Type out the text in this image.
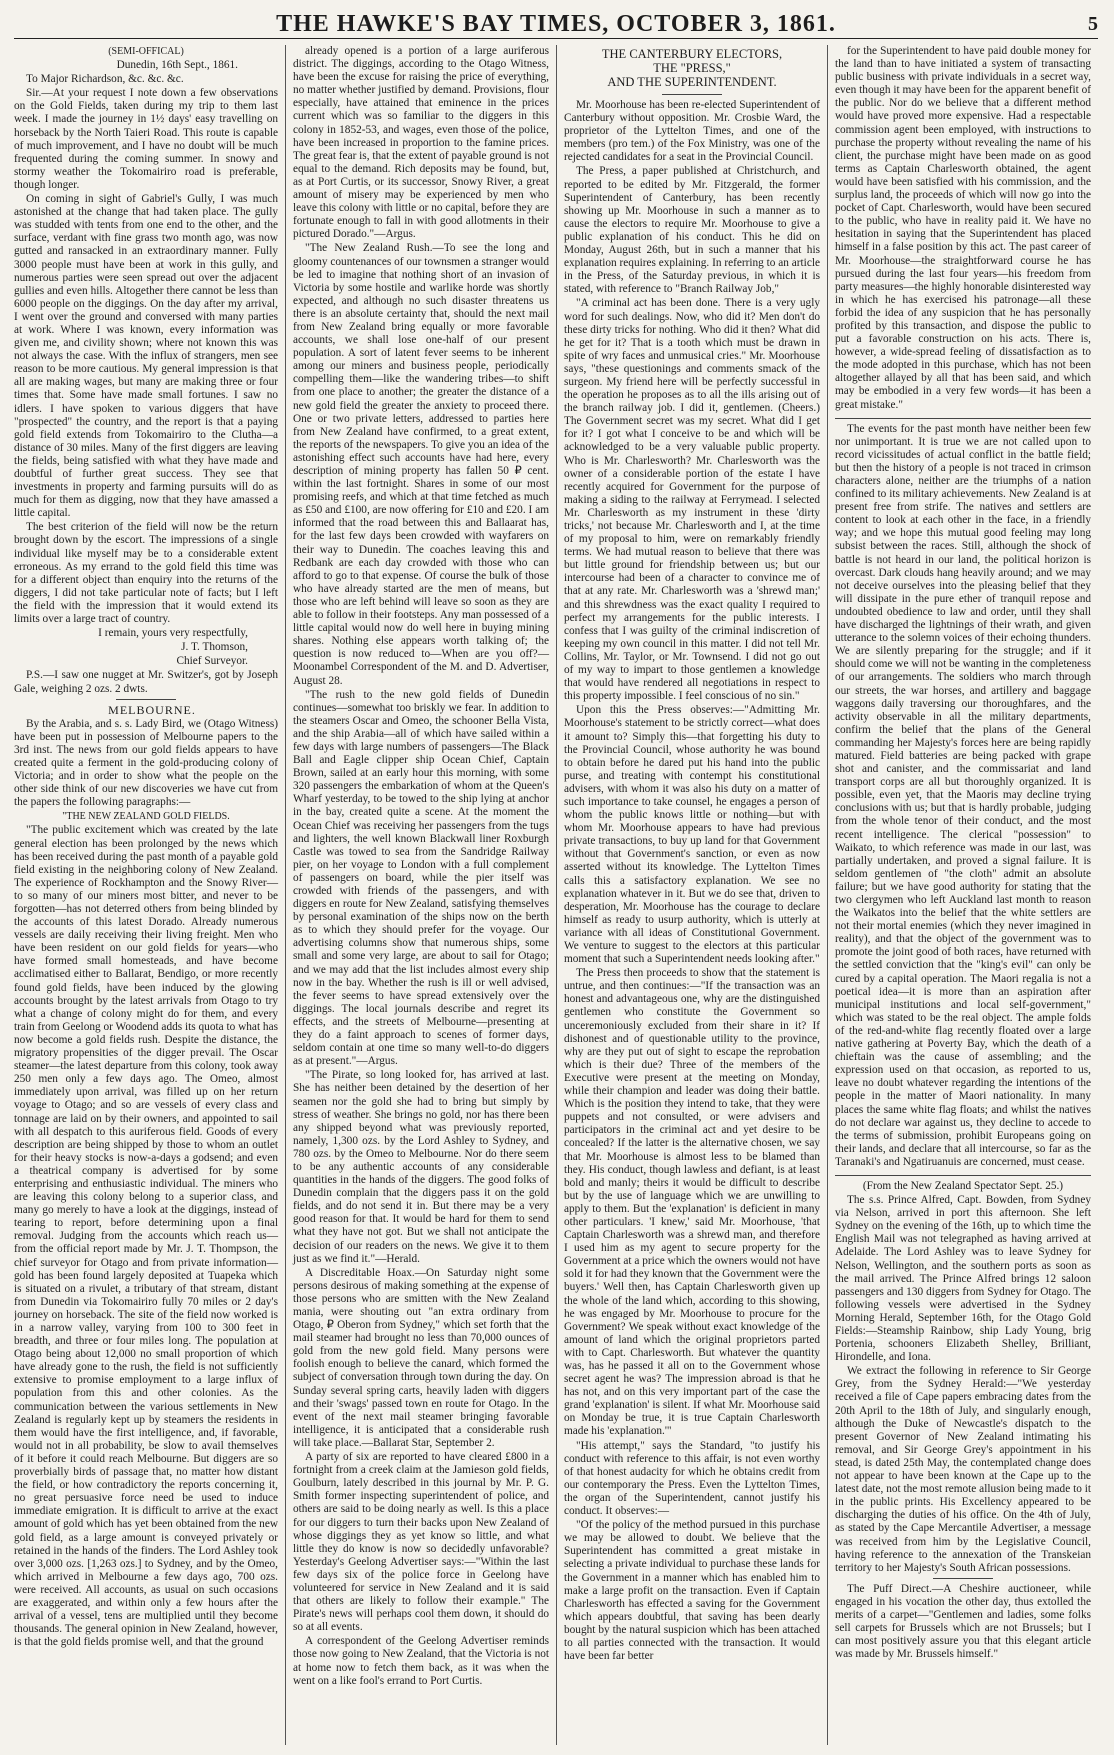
THE HAWKE'S BAY TIMES, OCTOBER 3, 1861.	5

(SEMI-OFFICAL)

Dunedin, 16th Sept., 1861.

To Major Richardson, &c. &c. &c.

Sir.—At your request I note down a few observations on the Gold Fields, taken during my trip to them last week. I made the journey in 1½ days' easy travelling on horseback by the North Taieri Road. This route is capable of much improvement, and I have no doubt will be much frequented during the coming summer. In snowy and stormy weather the Tokomairiro road is preferable, though longer.

On coming in sight of Gabriel's Gully, I was much astonished at the change that had taken place. The gully was studded with tents from one end to the other, and the surface, verdant with fine grass two month ago, was now gutted and ransacked in an extraordinary manner. Fully 3000 people must have been at work in this gully, and numerous parties were seen spread out over the adjacent gullies and even hills. Altogether there cannot be less than 6000 people on the diggings. On the day after my arrival, I went over the ground and conversed with many parties at work. Where I was known, every information was given me, and civility shown; where not known this was not always the case. With the influx of strangers, men see reason to be more cautious. My general impression is that all are making wages, but many are making three or four times that. Some have made small fortunes. I saw no idlers. I have spoken to various diggers that have "prospected" the country, and the report is that a paying gold field extends from Tokomairiro to the Clutha—a distance of 30 miles. Many of the first diggers are leaving the fields, being satisfied with what they have made and doubtful of further great success. They see that investments in property and farming pursuits will do as much for them as digging, now that they have amassed a little capital.

The best criterion of the field will now be the return brought down by the escort. The impressions of a single individual like myself may be to a considerable extent erroneous. As my errand to the gold field this time was for a different object than enquiry into the returns of the diggers, I did not take particular note of facts; but I left the field with the impression that it would extend its limits over a large tract of country.

I remain, yours very respectfully,

J. T. Thomson,

Chief Surveyor.

P.S.—I saw one nugget at Mr. Switzer's, got by Joseph Gale, weighing 2 ozs. 2 dwts.

MELBOURNE.

By the Arabia, and s. s. Lady Bird, we (Otago Witness) have been put in possession of Melbourne papers to the 3rd inst. The news from our gold fields appears to have created quite a ferment in the gold-producing colony of Victoria; and in order to show what the people on the other side think of our new discoveries we have cut from the papers the following paragraphs:—

"THE NEW ZEALAND GOLD FIELDS.

"The public excitement which was created by the late general election has been prolonged by the news which has been received during the past month of a payable gold field existing in the neighboring colony of New Zealand. The experience of Rockhampton and the Snowy River—to so many of our miners most bitter, and never to be forgotten—has not deterred others from being blinded by the accounts of this latest Dorado. Already numerous vessels are daily receiving their living freight. Men who have been resident on our gold fields for years—who have formed small homesteads, and have become acclimatised either to Ballarat, Bendigo, or more recently found gold fields, have been induced by the glowing accounts brought by the latest arrivals from Otago to try what a change of colony might do for them, and every train from Geelong or Woodend adds its quota to what has now become a gold fields rush. Despite the distance, the migratory propensities of the digger prevail. The Oscar steamer—the latest departure from this colony, took away 250 men only a few days ago. The Omeo, almost immediately upon arrival, was filled up on her return voyage to Otago; and so are vessels of every class and tonnage are laid on by their owners, and appointed to sail with all despatch to this auriferous field. Goods of every description are being shipped by those to whom an outlet for their heavy stocks is now-a-days a godsend; and even a theatrical company is advertised for by some enterprising and enthusiastic individual. The miners who are leaving this colony belong to a superior class, and many go merely to have a look at the diggings, instead of tearing to report, before determining upon a final removal. Judging from the accounts which reach us—from the official report made by Mr. J. T. Thompson, the chief surveyor for Otago and from private information—gold has been found largely deposited at Tuapeka which is situated on a rivulet, a tributary of that stream, distant from Dunedin via Tokomairiro fully 70 miles or 2 day's journey on horseback. The site of the field now worked is in a narrow valley, varying from 100 to 300 feet in breadth, and three or four miles long. The population at Otago being about 12,000 no small proportion of which have already gone to the rush, the field is not sufficiently extensive to promise employment to a large influx of population from this and other colonies. As the communication between the various settlements in New Zealand is regularly kept up by steamers the residents in them would have the first intelligence, and, if favorable, would not in all probability, be slow to avail themselves of it before it could reach Melbourne. But diggers are so proverbially birds of passage that, no matter how distant the field, or how contradictory the reports concerning it, no great persuasive force need be used to induce immediate emigration. It is difficult to arrive at the exact amount of gold which has yet been obtained from the new gold field, as a large amount is conveyed privately or retained in the hands of the finders. The Lord Ashley took over 3,000 ozs. [1,263 ozs.] to Sydney, and by the Omeo, which arrived in Melbourne a few days ago, 700 ozs. were received. All accounts, as usual on such occasions are exaggerated, and within only a few hours after the arrival of a vessel, tens are multiplied until they become thousands. The general opinion in New Zealand, however, is that the gold fields promise well, and that the ground

already opened is a portion of a large auriferous district. The diggings, according to the Otago Witness, have been the excuse for raising the price of everything, no matter whether justified by demand. Provisions, flour especially, have attained that eminence in the prices current which was so familiar to the diggers in this colony in 1852-53, and wages, even those of the police, have been increased in proportion to the famine prices. The great fear is, that the extent of payable ground is not equal to the demand. Rich deposits may be found, but, as at Port Curtis, or its successor, Snowy River, a great amount of misery may be experienced by men who leave this colony with little or no capital, before they are fortunate enough to fall in with good allotments in their pictured Dorado."—Argus.

"The New Zealand Rush.—To see the long and gloomy countenances of our townsmen a stranger would be led to imagine that nothing short of an invasion of Victoria by some hostile and warlike horde was shortly expected, and although no such disaster threatens us there is an absolute certainty that, should the next mail from New Zealand bring equally or more favorable accounts, we shall lose one-half of our present population. A sort of latent fever seems to be inherent among our miners and business people, periodically compelling them—like the wandering tribes—to shift from one place to another; the greater the distance of a new gold field the greater the anxiety to proceed there. One or two private letters, addressed to parties here from New Zealand have confirmed, to a great extent, the reports of the newspapers. To give you an idea of the astonishing effect such accounts have had here, every description of mining property has fallen 50 ₽ cent. within the last fortnight. Shares in some of our most promising reefs, and which at that time fetched as much as £50 and £100, are now offering for £10 and £20. I am informed that the road between this and Ballaarat has, for the last few days been crowded with wayfarers on their way to Dunedin. The coaches leaving this and Redbank are each day crowded with those who can afford to go to that expense. Of course the bulk of those who have already started are the men of means, but those who are left behind will leave so soon as they are able to follow in their footsteps. Any man possessed of a little capital would now do well here in buying mining shares. Nothing else appears worth talking of; the question is now reduced to—When are you off?—Moonambel Correspondent of the M. and D. Advertiser, August 28.

"The rush to the new gold fields of Dunedin continues—somewhat too briskly we fear. In addition to the steamers Oscar and Omeo, the schooner Bella Vista, and the ship Arabia—all of which have sailed within a few days with large numbers of passengers—The Black Ball and Eagle clipper ship Ocean Chief, Captain Brown, sailed at an early hour this morning, with some 320 passengers the embarkation of whom at the Queen's Wharf yesterday, to be towed to the ship lying at anchor in the bay, created quite a scene. At the moment the Ocean Chief was receiving her passengers from the tugs and lighters, the well known Blackwall liner Roxburgh Castle was towed to sea from the Sandridge Railway pier, on her voyage to London with a full complement of passengers on board, while the pier itself was crowded with friends of the passengers, and with diggers en route for New Zealand, satisfying themselves by personal examination of the ships now on the berth as to which they should prefer for the voyage. Our advertising columns show that numerous ships, some small and some very large, are about to sail for Otago; and we may add that the list includes almost every ship now in the bay. Whether the rush is ill or well advised, the fever seems to have spread extensively over the diggings. The local journals describe and regret its effects, and the streets of Melbourne—presenting at they do a faint approach to scenes of former days, seldom contain at one time so many well-to-do diggers as at present."—Argus.

"The Pirate, so long looked for, has arrived at last. She has neither been detained by the desertion of her seamen nor the gold she had to bring but simply by stress of weather. She brings no gold, nor has there been any shipped beyond what was previously reported, namely, 1,300 ozs. by the Lord Ashley to Sydney, and 780 ozs. by the Omeo to Melbourne. Nor do there seem to be any authentic accounts of any considerable quantities in the hands of the diggers. The good folks of Dunedin complain that the diggers pass it on the gold fields, and do not send it in. But there may be a very good reason for that. It would be hard for them to send what they have not got. But we shall not anticipate the decision of our readers on the news. We give it to them just as we find it."—Herald.

A Discreditable Hoax.—On Saturday night some persons desirous of making something at the expense of those persons who are smitten with the New Zealand mania, were shouting out "an extra ordinary from Otago, ₽ Oberon from Sydney," which set forth that the mail steamer had brought no less than 70,000 ounces of gold from the new gold field. Many persons were foolish enough to believe the canard, which formed the subject of conversation through town during the day. On Sunday several spring carts, heavily laden with diggers and their 'swags' passed town en route for Otago. In the event of the next mail steamer bringing favorable intelligence, it is anticipated that a considerable rush will take place.—Ballarat Star, September 2.

A party of six are reported to have cleared £800 in a fortnight from a creek claim at the Jamieson gold fields, Goulburn, lately described in this journal by Mr. P. G. Smith former inspecting superintendent of police, and others are said to be doing nearly as well. Is this a place for our diggers to turn their backs upon New Zealand of whose diggings they as yet know so little, and what little they do know is now so decidedly unfavorable? Yesterday's Geelong Advertiser says:—"Within the last few days six of the police force in Geelong have volunteered for service in New Zealand and it is said that others are likely to follow their example." The Pirate's news will perhaps cool them down, it should do so at all events.

A correspondent of the Geelong Advertiser reminds those now going to New Zealand, that the Victoria is not at home now to fetch them back, as it was when the went on a like fool's errand to Port Curtis.

THE CANTERBURY ELECTORS,
THE "PRESS,"
AND THE SUPERINTENDENT.

Mr. Moorhouse has been re-elected Superintendent of Canterbury without opposition. Mr. Crosbie Ward, the proprietor of the Lyttelton Times, and one of the members (pro tem.) of the Fox Ministry, was one of the rejected candidates for a seat in the Provincial Council.

The Press, a paper published at Christchurch, and reported to be edited by Mr. Fitzgerald, the former Superintendent of Canterbury, has been recently showing up Mr. Moorhouse in such a manner as to cause the electors to require Mr. Moorhouse to give a public explanation of his conduct. This he did on Monday, August 26th, but in such a manner that his explanation requires explaining. In referring to an article in the Press, of the Saturday previous, in which it is stated, with reference to "Branch Railway Job,"

"A criminal act has been done. There is a very ugly word for such dealings. Now, who did it? Men don't do these dirty tricks for nothing. Who did it then? What did he get for it? That is a tooth which must be drawn in spite of wry faces and unmusical cries." Mr. Moorhouse says, "these questionings and comments smack of the surgeon. My friend here will be perfectly successful in the operation he proposes as to all the ills arising out of the branch railway job. I did it, gentlemen. (Cheers.) The Government secret was my secret. What did I get for it? I got what I conceive to be and which will be acknowledged to be a very valuable public property. Who is Mr. Charlesworth? Mr. Charlesworth was the owner of a considerable portion of the estate I have recently acquired for Government for the purpose of making a siding to the railway at Ferrymead. I selected Mr. Charlesworth as my instrument in these 'dirty tricks,' not because Mr. Charlesworth and I, at the time of my proposal to him, were on remarkably friendly terms. We had mutual reason to believe that there was but little ground for friendship between us; but our intercourse had been of a character to convince me of that at any rate. Mr. Charlesworth was a 'shrewd man;' and this shrewdness was the exact quality I required to perfect my arrangements for the public interests. I confess that I was guilty of the criminal indiscretion of keeping my own council in this matter. I did not tell Mr. Collins, Mr. Taylor, or Mr. Townsend. I did not go out of my way to impart to those gentlemen a knowledge that would have rendered all negotiations in respect to this property impossible. I feel conscious of no sin."

Upon this the Press observes:—"Admitting Mr. Moorhouse's statement to be strictly correct—what does it amount to? Simply this—that forgetting his duty to the Provincial Council, whose authority he was bound to obtain before he dared put his hand into the public purse, and treating with contempt his constitutional advisers, with whom it was also his duty on a matter of such importance to take counsel, he engages a person of whom the public knows little or nothing—but with whom Mr. Moorhouse appears to have had previous private transactions, to buy up land for that Government without that Government's sanction, or even as now asserted without its knowledge. The Lyttelton Times calls this a satisfactory explanation. We see no explanation whatever in it. But we do see that, driven to desperation, Mr. Moorhouse has the courage to declare himself as ready to usurp authority, which is utterly at variance with all ideas of Constitutional Government. We venture to suggest to the electors at this particular moment that such a Superintendent needs looking after."

The Press then proceeds to show that the statement is untrue, and then continues:—"If the transaction was an honest and advantageous one, why are the distinguished gentlemen who constitute the Government so unceremoniously excluded from their share in it? If dishonest and of questionable utility to the province, why are they put out of sight to escape the reprobation which is their due? Three of the members of the Executive were present at the meeting on Monday, while their champion and leader was doing their battle. Which is the position they intend to take, that they were puppets and not consulted, or were advisers and participators in the criminal act and yet desire to be concealed? If the latter is the alternative chosen, we say that Mr. Moorhouse is almost less to be blamed than they. His conduct, though lawless and defiant, is at least bold and manly; theirs it would be difficult to describe but by the use of language which we are unwilling to apply to them. But the 'explanation' is deficient in many other particulars. 'I knew,' said Mr. Moorhouse, 'that Captain Charlesworth was a shrewd man, and therefore I used him as my agent to secure property for the Government at a price which the owners would not have sold it for had they known that the Government were the buyers.' Well then, has Captain Charlesworth given up the whole of the land which, according to this showing, he was engaged by Mr. Moorhouse to procure for the Government? We speak without exact knowledge of the amount of land which the original proprietors parted with to Capt. Charlesworth. But whatever the quantity was, has he passed it all on to the Government whose secret agent he was? The impression abroad is that he has not, and on this very important part of the case the grand 'explanation' is silent. If what Mr. Moorhouse said on Monday be true, it is true Captain Charlesworth made his 'explanation.'"

"His attempt," says the Standard, "to justify his conduct with reference to this affair, is not even worthy of that honest audacity for which he obtains credit from our contemporary the Press. Even the Lyttelton Times, the organ of the Superintendent, cannot justify his conduct. It observes:—

"Of the policy of the method pursued in this purchase we may be allowed to doubt. We believe that the Superintendent has committed a great mistake in selecting a private individual to purchase these lands for the Government in a manner which has enabled him to make a large profit on the transaction. Even if Captain Charlesworth has effected a saving for the Government which appears doubtful, that saving has been dearly bought by the natural suspicion which has been attached to all parties connected with the transaction. It would have been far better

for the Superintendent to have paid double money for the land than to have initiated a system of transacting public business with private individuals in a secret way, even though it may have been for the apparent benefit of the public. Nor do we believe that a different method would have proved more expensive. Had a respectable commission agent been employed, with instructions to purchase the property without revealing the name of his client, the purchase might have been made on as good terms as Captain Charlesworth obtained, the agent would have been satisfied with his commission, and the surplus land, the proceeds of which will now go into the pocket of Capt. Charlesworth, would have been secured to the public, who have in reality paid it. We have no hesitation in saying that the Superintendent has placed himself in a false position by this act. The past career of Mr. Moorhouse—the straightforward course he has pursued during the last four years—his freedom from party measures—the highly honorable disinterested way in which he has exercised his patronage—all these forbid the idea of any suspicion that he has personally profited by this transaction, and dispose the public to put a favorable construction on his acts. There is, however, a wide-spread feeling of dissatisfaction as to the mode adopted in this purchase, which has not been altogether allayed by all that has been said, and which may be embodied in a very few words—it has been a great mistake."

The events for the past month have neither been few nor unimportant. It is true we are not called upon to record vicissitudes of actual conflict in the battle field; but then the history of a people is not traced in crimson characters alone, neither are the triumphs of a nation confined to its military achievements. New Zealand is at present free from strife. The natives and settlers are content to look at each other in the face, in a friendly way; and we hope this mutual good feeling may long subsist between the races. Still, although the shock of battle is not heard in our land, the political horizon is overcast. Dark clouds hang heavily around; and we may not deceive ourselves into the pleasing belief that they will dissipate in the pure ether of tranquil repose and undoubted obedience to law and order, until they shall have discharged the lightnings of their wrath, and given utterance to the solemn voices of their echoing thunders. We are silently preparing for the struggle; and if it should come we will not be wanting in the completeness of our arrangements. The soldiers who march through our streets, the war horses, and artillery and baggage waggons daily traversing our thoroughfares, and the activity observable in all the military departments, confirm the belief that the plans of the General commanding her Majesty's forces here are being rapidly matured. Field batteries are being packed with grape shot and canister, and the commissariat and land transport corps are all but thoroughly organized. It is possible, even yet, that the Maoris may decline trying conclusions with us; but that is hardly probable, judging from the whole tenor of their conduct, and the most recent intelligence. The clerical "possession" to Waikato, to which reference was made in our last, was partially undertaken, and proved a signal failure. It is seldom gentlemen of "the cloth" admit an absolute failure; but we have good authority for stating that the two clergymen who left Auckland last month to reason the Waikatos into the belief that the white settlers are not their mortal enemies (which they never imagined in reality), and that the object of the government was to promote the joint good of both races, have returned with the settled conviction that the "king's evil" can only be cured by a capital operation. The Maori regalia is not a poetical idea—it is more than an aspiration after municipal institutions and local self-government," which was stated to be the real object. The ample folds of the red-and-white flag recently floated over a large native gathering at Poverty Bay, which the death of a chieftain was the cause of assembling; and the expression used on that occasion, as reported to us, leave no doubt whatever regarding the intentions of the people in the matter of Maori nationality. In many places the same white flag floats; and whilst the natives do not declare war against us, they decline to accede to the terms of submission, prohibit Europeans going on their lands, and declare that all intercourse, so far as the Taranaki's and Ngatiruanuis are concerned, must cease.

(From the New Zealand Spectator Sept. 25.)

The s.s. Prince Alfred, Capt. Bowden, from Sydney via Nelson, arrived in port this afternoon. She left Sydney on the evening of the 16th, up to which time the English Mail was not telegraphed as having arrived at Adelaide. The Lord Ashley was to leave Sydney for Nelson, Wellington, and the southern ports as soon as the mail arrived. The Prince Alfred brings 12 saloon passengers and 130 diggers from Sydney for Otago. The following vessels were advertised in the Sydney Morning Herald, September 16th, for the Otago Gold Fields:—Steamship Rainbow, ship Lady Young, brig Portenia, schooners Elizabeth Shelley, Brilliant, Hirondelle, and Iona.

We extract the following in reference to Sir George Grey, from the Sydney Herald:—"We yesterday received a file of Cape papers embracing dates from the 20th April to the 18th of July, and singularly enough, although the Duke of Newcastle's dispatch to the present Governor of New Zealand intimating his removal, and Sir George Grey's appointment in his stead, is dated 25th May, the contemplated change does not appear to have been known at the Cape up to the latest date, not the most remote allusion being made to it in the public prints. His Excellency appeared to be discharging the duties of his office. On the 4th of July, as stated by the Cape Mercantile Advertiser, a message was received from him by the Legislative Council, having reference to the annexation of the Transkeian territory to her Majesty's South African possessions.

The Puff Direct.—A Cheshire auctioneer, while engaged in his vocation the other day, thus extolled the merits of a carpet—"Gentlemen and ladies, some folks sell carpets for Brussels which are not Brussels; but I can most positively assure you that this elegant article was made by Mr. Brussels himself."
